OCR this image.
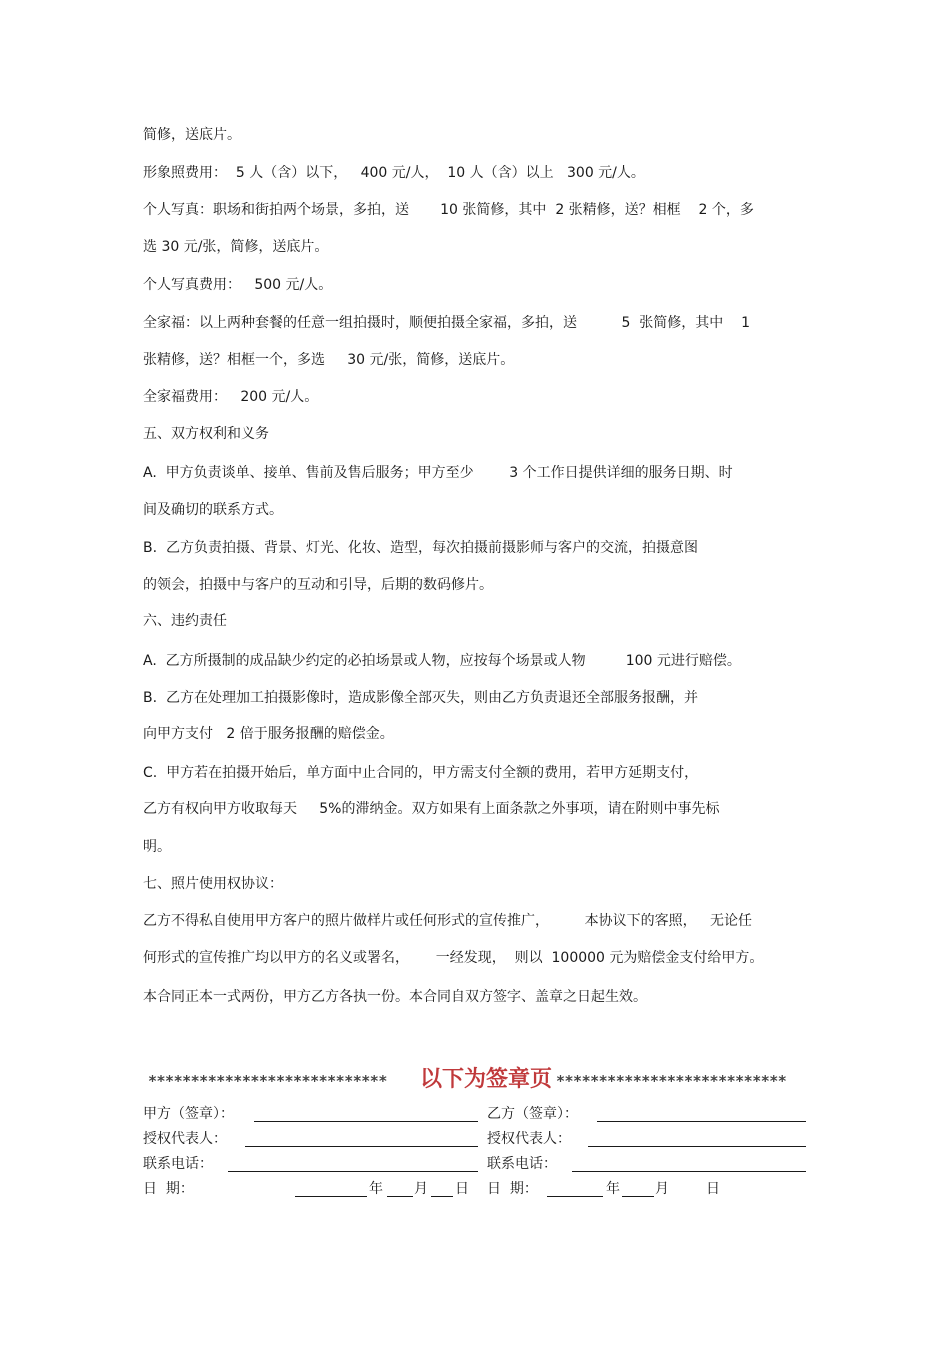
简修，送底片。
形象照费用：  5 人（含）以下，   400 元/人，  10 人（含）以上   300 元/人。
个人写真：职场和街拍两个场景，多拍，送       10 张简修，其中  2 张精修，送？相框    2 个，多
选 30 元/张，简修，送底片。
个人写真费用：   500 元/人。
全家福：以上两种套餐的任意一组拍摄时，顺便拍摄全家福，多拍，送          5  张简修，其中    1
张精修，送？相框一个，多选     30 元/张，简修，送底片。
全家福费用：   200 元/人。
五、双方权利和义务
A.  甲方负责谈单、接单、售前及售后服务；甲方至少        3 个工作日提供详细的服务日期、时
间及确切的联系方式。
B.  乙方负责拍摄、背景、灯光、化妆、造型，每次拍摄前摄影师与客户的交流，拍摄意图
的领会，拍摄中与客户的互动和引导，后期的数码修片。
六、违约责任
A.  乙方所摄制的成品缺少约定的必拍场景或人物，应按每个场景或人物         100 元进行赔偿。
B.  乙方在处理加工拍摄影像时，造成影像全部灭失，则由乙方负责退还全部服务报酬，并
向甲方支付   2 倍于服务报酬的赔偿金。
C.  甲方若在拍摄开始后，单方面中止合同的，甲方需支付全额的费用，若甲方延期支付，
乙方有权向甲方收取每天     5%的滞纳金。双方如果有上面条款之外事项，请在附则中事先标
明。
七、照片使用权协议：
乙方不得私自使用甲方客户的照片做样片或任何形式的宣传推广，        本协议下的客照，   无论任
何形式的宣传推广均以甲方的名义或署名，      一经发现，  则以  100000 元为赔偿金支付给甲方。
本合同正本一式两份，甲方乙方各执一份。本合同自双方签字、盖章之日起生效。
**************************** 以下为签章页 ***************************
甲方（签章）：	乙方（签章）：
授权代表人：	授权代表人：
联系电话：	联系电话：
日  期：	年 月 日 日  期：	年	月	日
